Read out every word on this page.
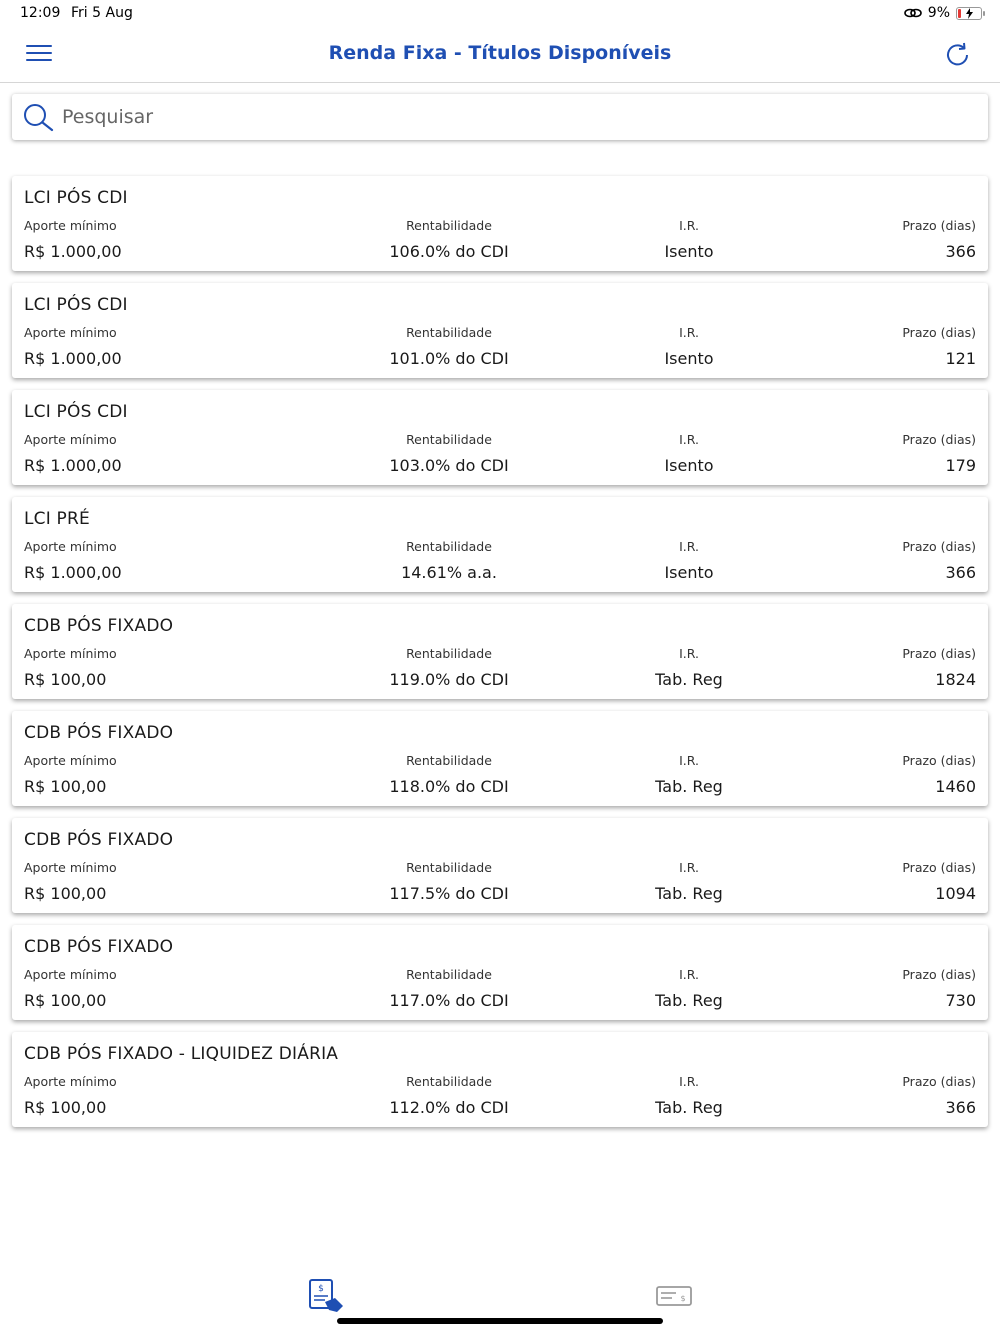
12:09 Fri 5 Aug	9%
Renda Fixa - Títulos Disponíveis
Pesquisar
LCI PÓS CDI
Aporte mínimo	Rentabilidade	I.R.	Prazo (dias)
R$ 1.000,00	106.0% do CDI	Isento	366
LCI PÓS CDI
Aporte mínimo	Rentabilidade	I.R.	Prazo (dias)
R$ 1.000,00	101.0% do CDI	Isento	121
LCI PÓS CDI
Aporte mínimo	Rentabilidade	I.R.	Prazo (dias)
R$ 1.000,00	103.0% do CDI	Isento	179
LCI PRÉ
Aporte mínimo	Rentabilidade	I.R.	Prazo (dias)
R$ 1.000,00	14.61% a.a.	Isento	366
CDB PÓS FIXADO
Aporte mínimo	Rentabilidade	I.R.	Prazo (dias)
R$ 100,00	119.0% do CDI	Tab. Reg	1824
CDB PÓS FIXADO
Aporte mínimo	Rentabilidade	I.R.	Prazo (dias)
R$ 100,00	118.0% do CDI	Tab. Reg	1460
CDB PÓS FIXADO
Aporte mínimo	Rentabilidade	I.R.	Prazo (dias)
R$ 100,00	117.5% do CDI	Tab. Reg	1094
CDB PÓS FIXADO
Aporte mínimo	Rentabilidade	I.R.	Prazo (dias)
R$ 100,00	117.0% do CDI	Tab. Reg	730
CDB PÓS FIXADO - LIQUIDEZ DIÁRIA
Aporte mínimo	Rentabilidade	I.R.	Prazo (dias)
R$ 100,00	112.0% do CDI	Tab. Reg	366
$
$
